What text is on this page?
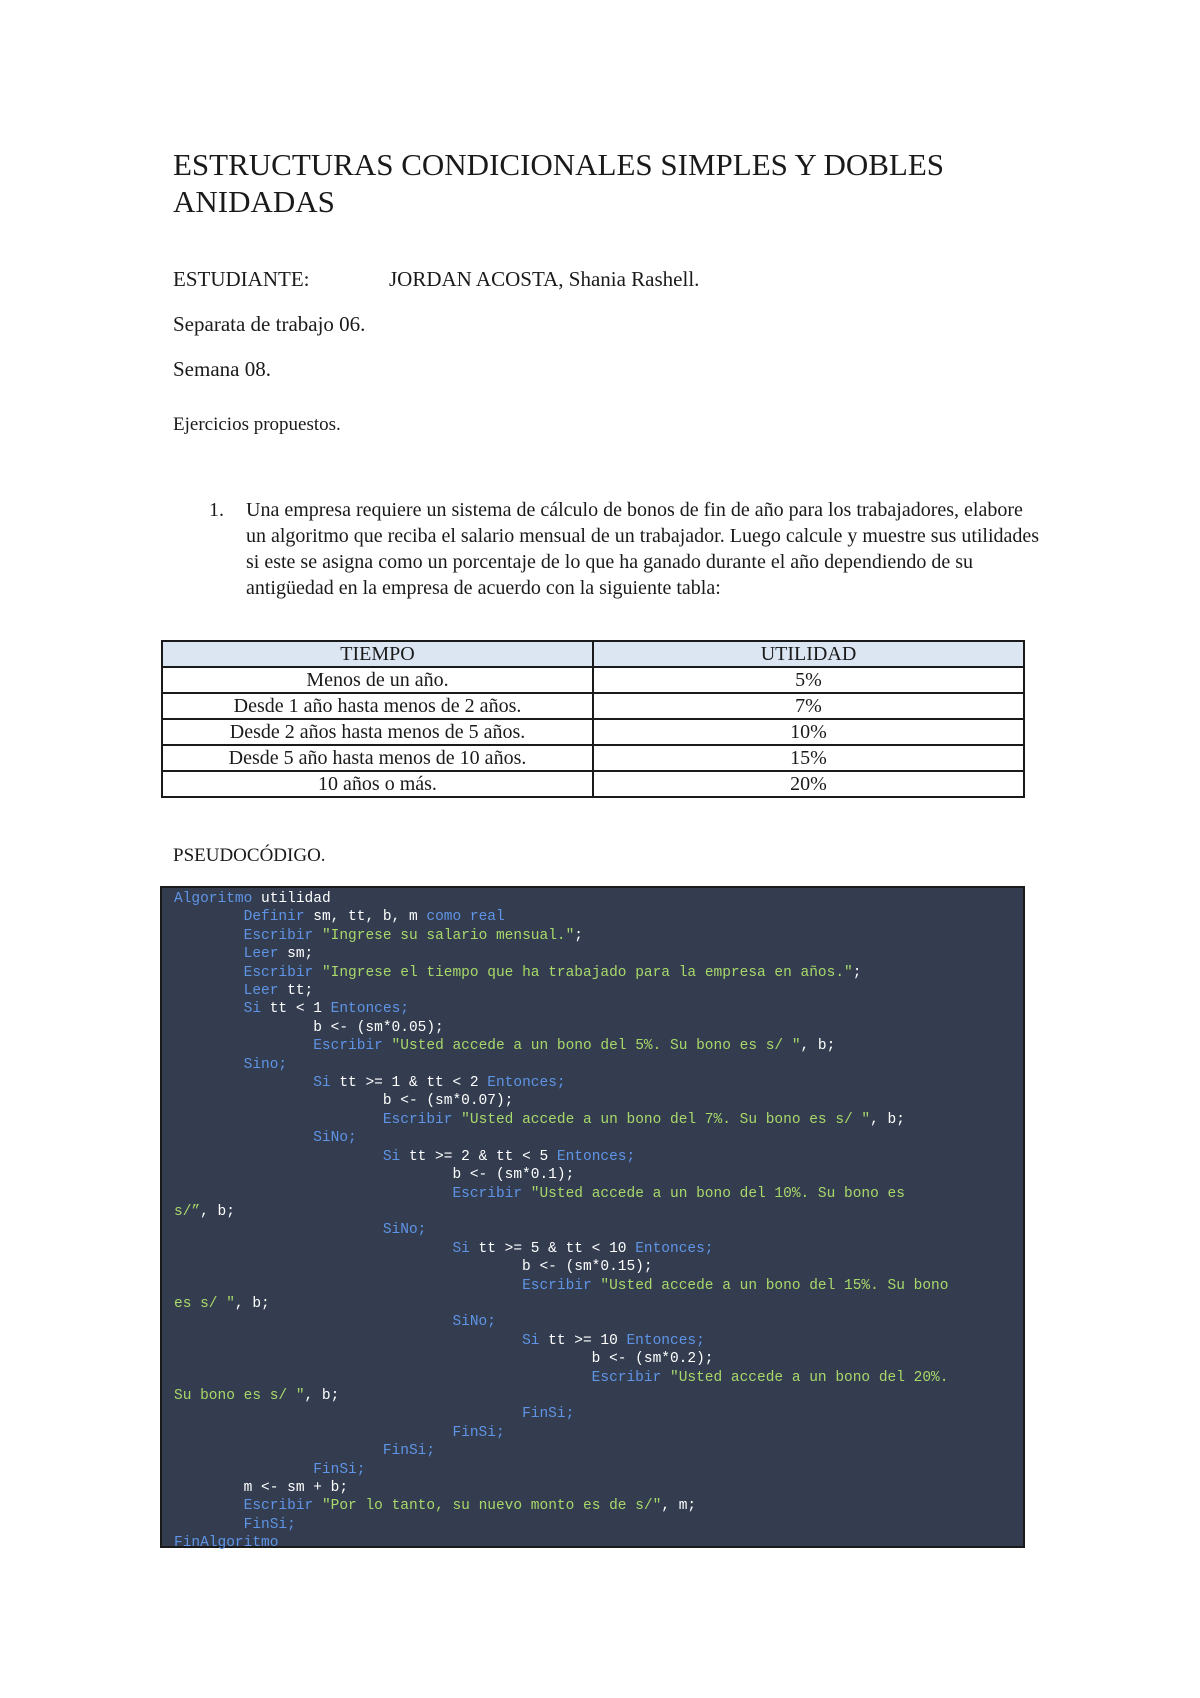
ESTRUCTURAS CONDICIONALES SIMPLES Y DOBLES ANIDADAS
ESTUDIANTE:	JORDAN ACOSTA, Shania Rashell.
Separata de trabajo 06.
Semana 08.
Ejercicios propuestos.
1. Una empresa requiere un sistema de cálculo de bonos de fin de año para los trabajadores, elabore un algoritmo que reciba el salario mensual de un trabajador. Luego calcule y muestre sus utilidades si este se asigna como un porcentaje de lo que ha ganado durante el año dependiendo de su antigüedad en la empresa de acuerdo con la siguiente tabla:
TIEMPO	UTILIDAD
Menos de un año.	5%
Desde 1 año hasta menos de 2 años.	7%
Desde 2 años hasta menos de 5 años.	10%
Desde 5 año hasta menos de 10 años.	15%
10 años o más.	20%
PSEUDOCÓDIGO.
Algoritmo utilidad
Definir sm, tt, b, m como real
Escribir "Ingrese su salario mensual.";
Leer sm;
Escribir "Ingrese el tiempo que ha trabajado para la empresa en años.";
Leer tt;
Si tt < 1 Entonces;
b <- (sm*0.05);
Escribir "Usted accede a un bono del 5%. Su bono es s/ ", b;
Sino;
Si tt >= 1 & tt < 2 Entonces;
b <- (sm*0.07);
Escribir "Usted accede a un bono del 7%. Su bono es s/ ", b;
SiNo;
Si tt >= 2 & tt < 5 Entonces;
b <- (sm*0.1);
Escribir "Usted accede a un bono del 10%. Su bono es
s/”, b;
SiNo;
Si tt >= 5 & tt < 10 Entonces;
b <- (sm*0.15);
Escribir "Usted accede a un bono del 15%. Su bono
es s/ ", b;
SiNo;
Si tt >= 10 Entonces;
b <- (sm*0.2);
Escribir "Usted accede a un bono del 20%.
Su bono es s/ ", b;
FinSi;
FinSi;
FinSi;
FinSi;
m <- sm + b;
Escribir "Por lo tanto, su nuevo monto es de s/", m;
FinSi;
FinAlgoritmo
